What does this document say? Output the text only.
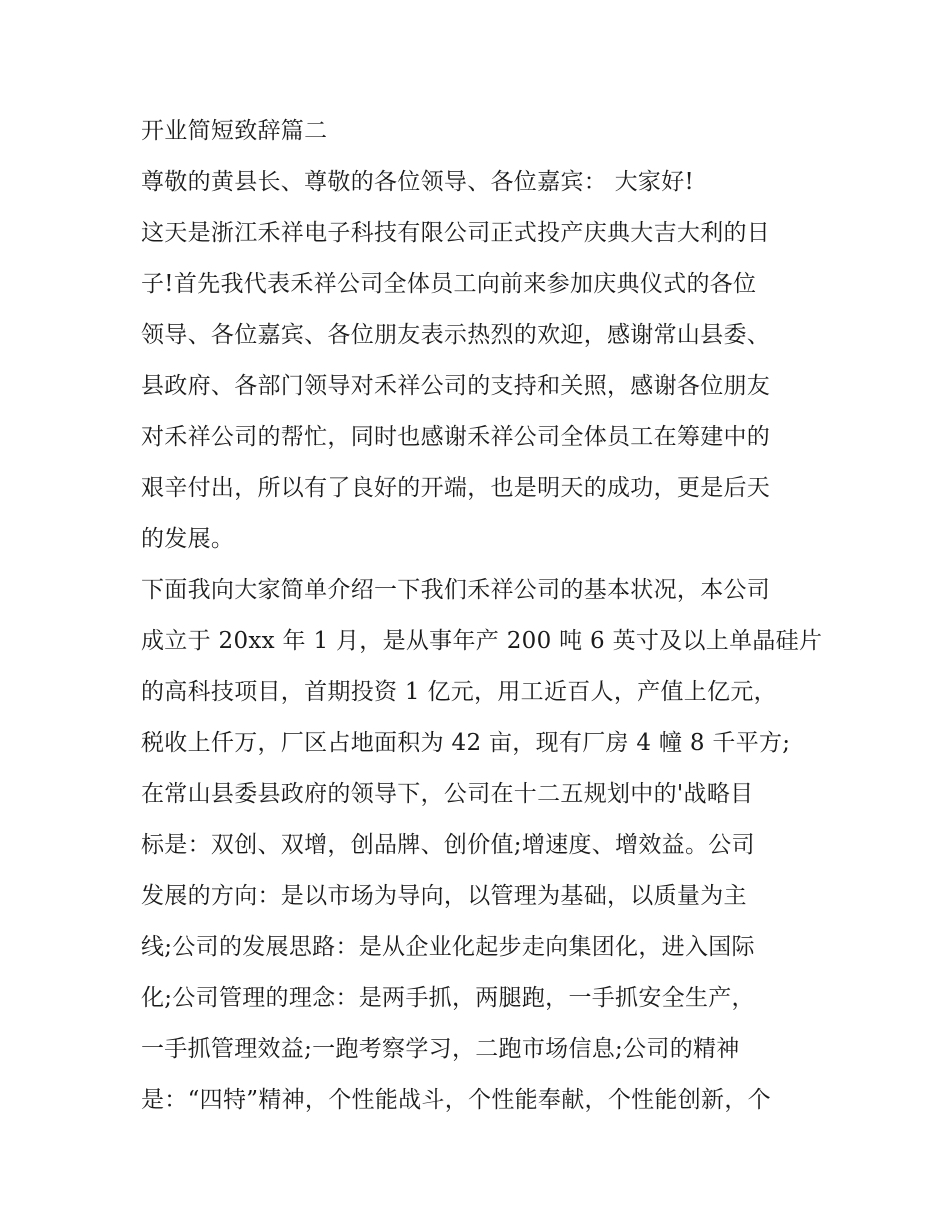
开业简短致辞篇二
尊敬的黄县长、尊敬的各位领导、各位嘉宾： 大家好!
这天是浙江禾祥电子科技有限公司正式投产庆典大吉大利的日
子!首先我代表禾祥公司全体员工向前来参加庆典仪式的各位
领导、各位嘉宾、各位朋友表示热烈的欢迎，感谢常山县委、
县政府、各部门领导对禾祥公司的支持和关照，感谢各位朋友
对禾祥公司的帮忙，同时也感谢禾祥公司全体员工在筹建中的
艰辛付出，所以有了良好的开端，也是明天的成功，更是后天
的发展。
下面我向大家简单介绍一下我们禾祥公司的基本状况，本公司
成立于 20xx 年 1 月，是从事年产 200 吨 6 英寸及以上单晶硅片
的高科技项目，首期投资 1 亿元，用工近百人，产值上亿元，
税收上仟万，厂区占地面积为 42 亩，现有厂房 4 幢 8 千平方;
在常山县委县政府的领导下，公司在十二五规划中的'战略目
标是：双创、双增，创品牌、创价值;增速度、增效益。公司
发展的方向：是以市场为导向，以管理为基础，以质量为主
线;公司的发展思路：是从企业化起步走向集团化，进入国际
化;公司管理的理念：是两手抓，两腿跑，一手抓安全生产，
一手抓管理效益;一跑考察学习，二跑市场信息;公司的精神
是：“四特”精神，个性能战斗，个性能奉献，个性能创新，个
